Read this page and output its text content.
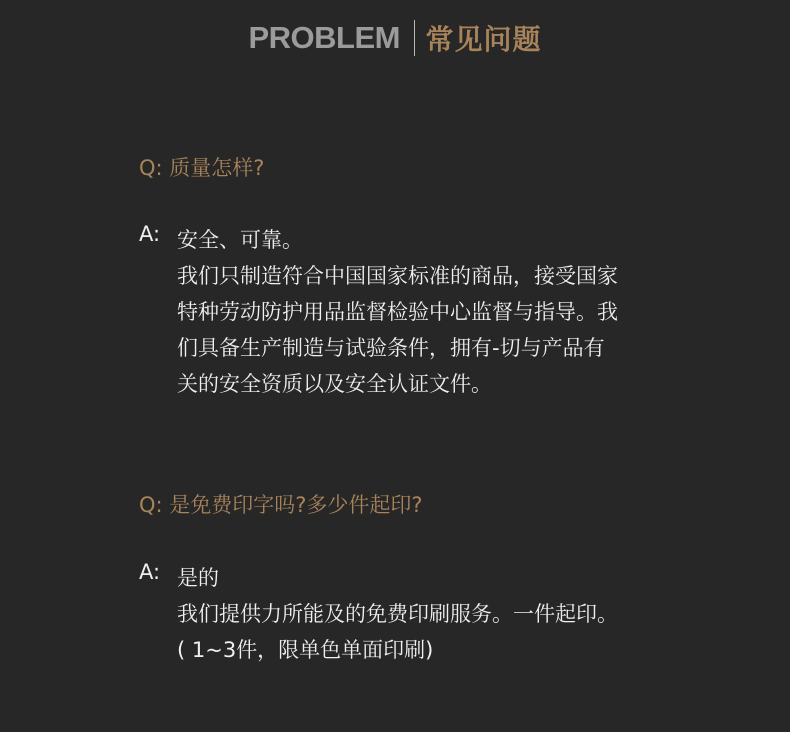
PROBLEM 常见问题
Q: 质量怎样?
A: 安全、可靠。
我们只制造符合中国国家标准的商品，接受国家
特种劳动防护用品监督检验中心监督与指导。我
们具备生产制造与试验条件，拥有-切与产品有
关的安全资质以及安全认证文件。
Q: 是免费印字吗?多少件起印?
A: 是的
我们提供力所能及的免费印刷服务。一件起印。
( 1~3件，限单色单面印刷)
